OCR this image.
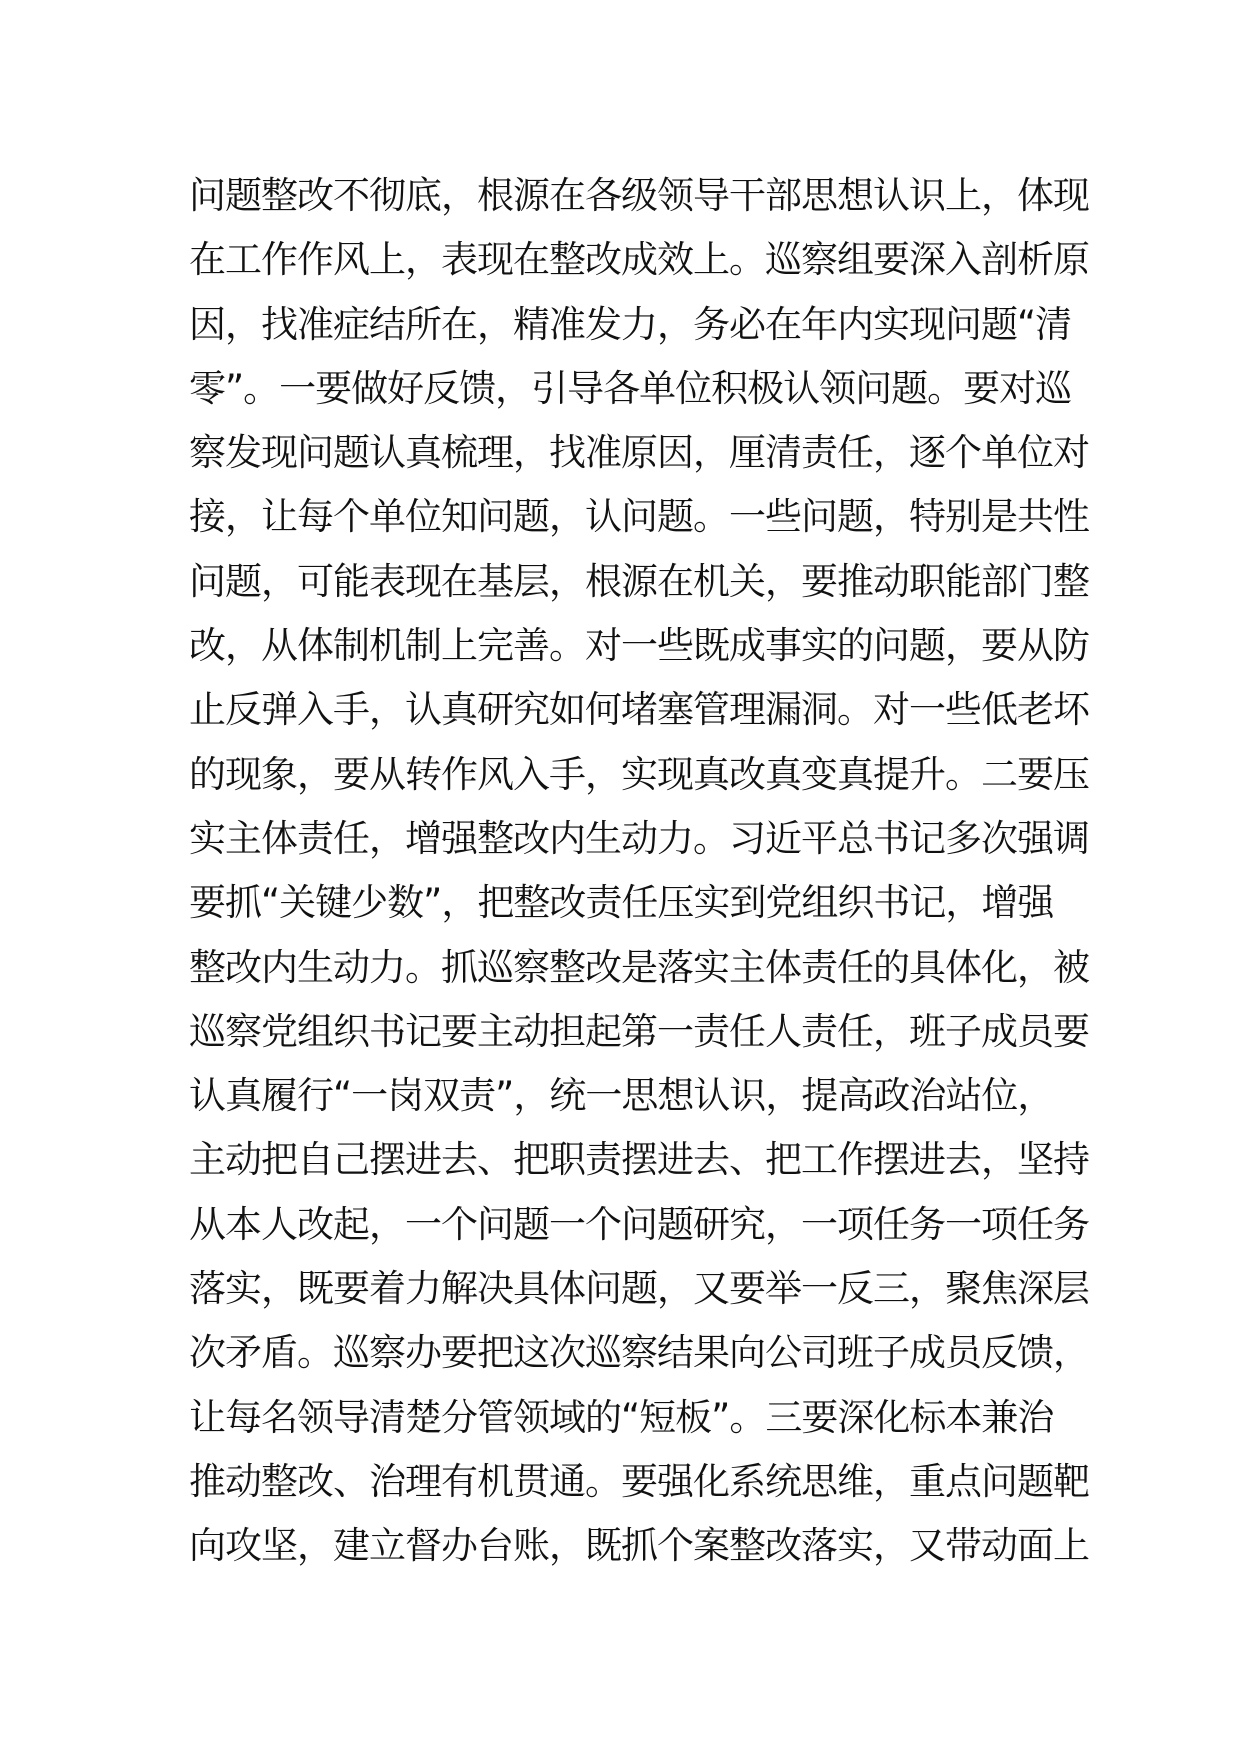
问题整改不彻底，根源在各级领导干部思想认识上，体现
在工作作风上，表现在整改成效上。巡察组要深入剖析原
因，找准症结所在，精准发力，务必在年内实现问题“清
零”。一要做好反馈，引导各单位积极认领问题。要对巡
察发现问题认真梳理，找准原因，厘清责任，逐个单位对
接，让每个单位知问题，认问题。一些问题，特别是共性
问题，可能表现在基层，根源在机关，要推动职能部门整
改，从体制机制上完善。对一些既成事实的问题，要从防
止反弹入手，认真研究如何堵塞管理漏洞。对一些低老坏
的现象，要从转作风入手，实现真改真变真提升。二要压
实主体责任，增强整改内生动力。习近平总书记多次强调
要抓“关键少数”，把整改责任压实到党组织书记，增强
整改内生动力。抓巡察整改是落实主体责任的具体化，被
巡察党组织书记要主动担起第一责任人责任，班子成员要
认真履行“一岗双责”，统一思想认识，提高政治站位，
主动把自己摆进去、把职责摆进去、把工作摆进去，坚持
从本人改起，一个问题一个问题研究，一项任务一项任务
落实，既要着力解决具体问题，又要举一反三，聚焦深层
次矛盾。巡察办要把这次巡察结果向公司班子成员反馈，
让每名领导清楚分管领域的“短板”。三要深化标本兼治
推动整改、治理有机贯通。要强化系统思维，重点问题靶
向攻坚，建立督办台账，既抓个案整改落实，又带动面上
